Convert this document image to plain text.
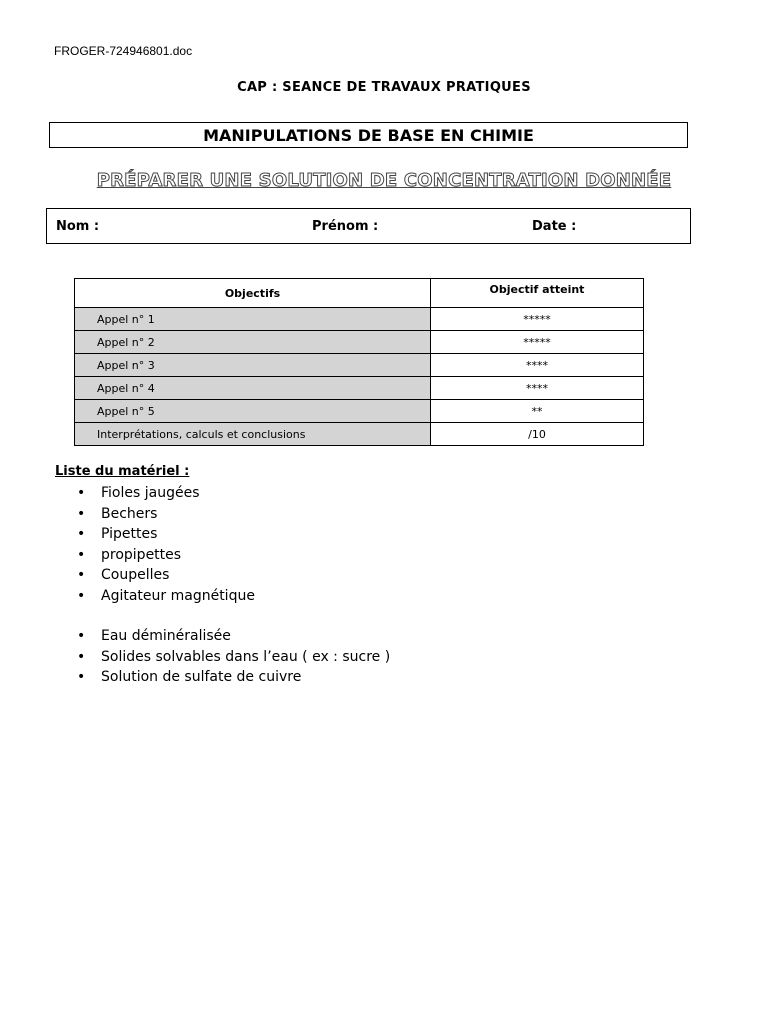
FROGER-724946801.doc
CAP : SEANCE DE TRAVAUX PRATIQUES
MANIPULATIONS DE BASE EN CHIMIE
PRÉPARER UNE SOLUTION DE CONCENTRATION DONNÉE
Nom :	Prénom :	Date :
Objectifs	Objectif atteint
Appel n° 1	*****
Appel n° 2	*****
Appel n° 3	****
Appel n° 4	****
Appel n° 5	**
Interprétations, calculs et conclusions	/10
Liste du matériel :
• Fioles jaugées
• Bechers
• Pipettes
• propipettes
• Coupelles
• Agitateur magnétique
• Eau déminéralisée
• Solides solvables dans l’eau ( ex : sucre )
• Solution de sulfate de cuivre
